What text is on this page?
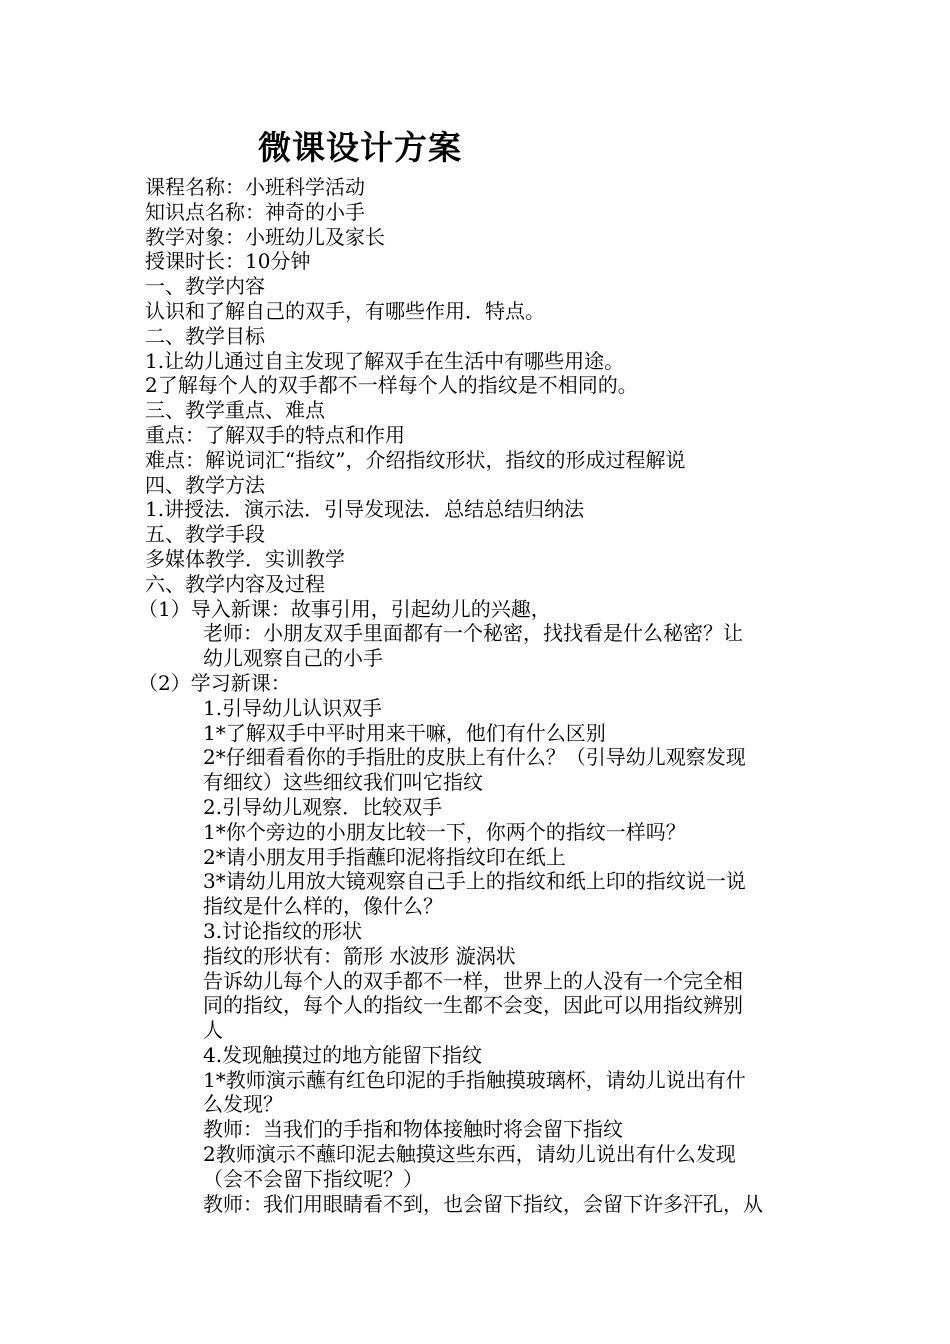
微课设计方案
课程名称：小班科学活动
知识点名称：神奇的小手
教学对象：小班幼儿及家长
授课时长：10分钟
一、教学内容
认识和了解自己的双手，有哪些作用．特点。
二、教学目标
1.让幼儿通过自主发现了解双手在生活中有哪些用途。
2了解每个人的双手都不一样每个人的指纹是不相同的。
三、教学重点、难点
重点：了解双手的特点和作用
难点：解说词汇“指纹”，介绍指纹形状，指纹的形成过程解说
四、教学方法
1.讲授法．演示法．引导发现法．总结总结归纳法
五、教学手段
多媒体教学．实训教学
六、教学内容及过程
（1）导入新课：故事引用，引起幼儿的兴趣，
老师：小朋友双手里面都有一个秘密，找找看是什么秘密？让
幼儿观察自己的小手
（2）学习新课：
1.引导幼儿认识双手
1*了解双手中平时用来干嘛，他们有什么区别
2*仔细看看你的手指肚的皮肤上有什么？（引导幼儿观察发现
有细纹）这些细纹我们叫它指纹
2.引导幼儿观察．比较双手
1*你个旁边的小朋友比较一下，你两个的指纹一样吗？
2*请小朋友用手指蘸印泥将指纹印在纸上
3*请幼儿用放大镜观察自己手上的指纹和纸上印的指纹说一说
指纹是什么样的，像什么？
3.讨论指纹的形状
指纹的形状有：箭形 水波形 漩涡状
告诉幼儿每个人的双手都不一样，世界上的人没有一个完全相
同的指纹，每个人的指纹一生都不会变，因此可以用指纹辨别
人
4.发现触摸过的地方能留下指纹
1*教师演示蘸有红色印泥的手指触摸玻璃杯，请幼儿说出有什
么发现？
教师：当我们的手指和物体接触时将会留下指纹
2教师演示不蘸印泥去触摸这些东西，请幼儿说出有什么发现
（会不会留下指纹呢？）
教师：我们用眼睛看不到，也会留下指纹，会留下许多汗孔，从
